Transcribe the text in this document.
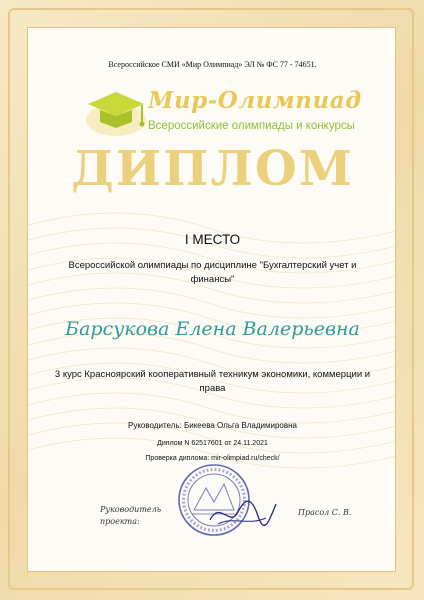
Всероссийское СМИ «Мир Олимпиад» ЭЛ № ФС 77 - 74651.
Мир-Олимпиад
Всероссийские олимпиады и конкурсы
ДИПЛОМ
I МЕСТО
Всероссийской олимпиады по дисциплине "Бухгалтерский учет и финансы"
Барсукова Елена Валерьевна
3 курс Красноярский кооперативный техникум экономики, коммерции и права
Руководитель: Бикеева Ольга Владимировна
Диплом N 62517601 от 24.11.2021
Проверка диплома: mir-olimpiad.ru/check/
Руководитель
проекта:
Прасол С. В.
